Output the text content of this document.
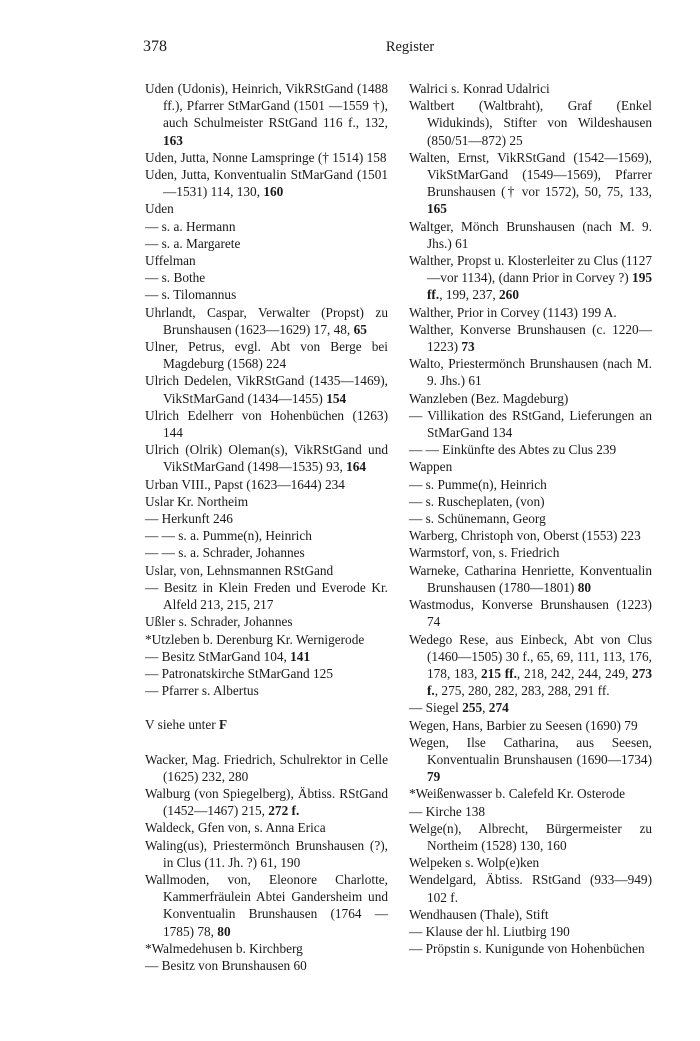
378	Register
Uden (Udonis), Heinrich, VikRStGand (1488 ff.), Pfarrer StMarGand (1501 —1559 †), auch Schulmeister RStGand 116 f., 132, 163
Uden, Jutta, Nonne Lamspringe († 1514) 158
Uden, Jutta, Konventualin StMarGand (1501—1531) 114, 130, 160
Uden
— s. a. Hermann
— s. a. Margarete
Uffelman
— s. Bothe
— s. Tilomannus
Uhrlandt, Caspar, Verwalter (Propst) zu Brunshausen (1623—1629) 17, 48, 65
Ulner, Petrus, evgl. Abt von Berge bei Magdeburg (1568) 224
Ulrich Dedelen, VikRStGand (1435—1469), VikStMarGand (1434—1455) 154
Ulrich Edelherr von Hohenbüchen (1263) 144
Ulrich (Olrik) Oleman(s), VikRStGand und VikStMarGand (1498—1535) 93, 164
Urban VIII., Papst (1623—1644) 234
Uslar Kr. Northeim
— Herkunft 246
— — s. a. Pumme(n), Heinrich
— — s. a. Schrader, Johannes
Uslar, von, Lehnsmannen RStGand
— Besitz in Klein Freden und Everode Kr. Alfeld 213, 215, 217
Ußler s. Schrader, Johannes
*Utzleben b. Derenburg Kr. Wernigerode
— Besitz StMarGand 104, 141
— Patronatskirche StMarGand 125
— Pfarrer s. Albertus
V siehe unter F
Wacker, Mag. Friedrich, Schulrektor in Celle (1625) 232, 280
Walburg (von Spiegelberg), Äbtiss. RStGand (1452—1467) 215, 272 f.
Waldeck, Gfen von, s. Anna Erica
Waling(us), Priestermönch Brunshausen (?), in Clus (11. Jh. ?) 61, 190
Wallmoden, von, Eleonore Charlotte, Kammerfräulein Abtei Gandersheim und Konventualin Brunshausen (1764 —1785) 78, 80
*Walmedehusen b. Kirchberg
— Besitz von Brunshausen 60
Walrici s. Konrad Udalrici
Waltbert (Waltbraht), Graf (Enkel Widukinds), Stifter von Wildeshausen (850/51—872) 25
Walten, Ernst, VikRStGand (1542—1569), VikStMarGand (1549—1569), Pfarrer Brunshausen († vor 1572), 50, 75, 133, 165
Waltger, Mönch Brunshausen (nach M. 9. Jhs.) 61
Walther, Propst u. Klosterleiter zu Clus (1127—vor 1134), (dann Prior in Corvey ?) 195 ff., 199, 237, 260
Walther, Prior in Corvey (1143) 199 A.
Walther, Konverse Brunshausen (c. 1220—1223) 73
Walto, Priestermönch Brunshausen (nach M. 9. Jhs.) 61
Wanzleben (Bez. Magdeburg)
— Villikation des RStGand, Lieferungen an StMarGand 134
— — Einkünfte des Abtes zu Clus 239
Wappen
— s. Pumme(n), Heinrich
— s. Ruscheplaten, (von)
— s. Schünemann, Georg
Warberg, Christoph von, Oberst (1553) 223
Warmstorf, von, s. Friedrich
Warneke, Catharina Henriette, Konventualin Brunshausen (1780—1801) 80
Wastmodus, Konverse Brunshausen (1223) 74
Wedego Rese, aus Einbeck, Abt von Clus (1460—1505) 30 f., 65, 69, 111, 113, 176, 178, 183, 215 ff., 218, 242, 244, 249, 273 f., 275, 280, 282, 283, 288, 291 ff.
— Siegel 255, 274
Wegen, Hans, Barbier zu Seesen (1690) 79
Wegen, Ilse Catharina, aus Seesen, Konventualin Brunshausen (1690—1734) 79
*Weißenwasser b. Calefeld Kr. Osterode
— Kirche 138
Welge(n), Albrecht, Bürgermeister zu Northeim (1528) 130, 160
Welpeken s. Wolp(e)ken
Wendelgard, Äbtiss. RStGand (933—949) 102 f.
Wendhausen (Thale), Stift
— Klause der hl. Liutbirg 190
— Pröpstin s. Kunigunde von Hohenbüchen
